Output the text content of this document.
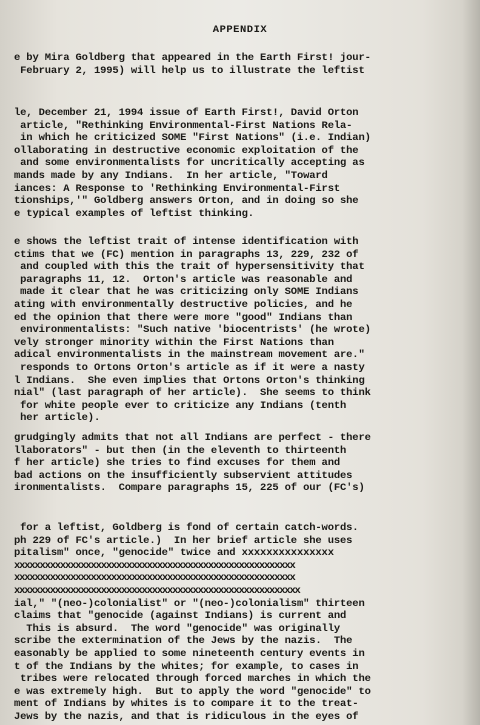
APPENDIX
e by Mira Goldberg that appeared in the Earth First! jour-
February 2, 1995) will help us to illustrate the leftist
le, December 21, 1994 issue of Earth First!, David Orton
article, "Rethinking Environmental-First Nations Rela-
in which he criticized SOME "First Nations" (i.e. Indian)
ollaborating in destructive economic exploitation of the
and some environmentalists for uncritically accepting as
mands made by any Indians.  In her article, "Toward
iances: A Response to 'Rethinking Environmental-First
tionships,'" Goldberg answers Orton, and in doing so she
e typical examples of leftist thinking.
e shows the leftist trait of intense identification with
ctims that we (FC) mention in paragraphs 13, 229, 232 of
and coupled with this the trait of hypersensitivity that
paragraphs 11, 12.  Orton's article was reasonable and
made it clear that he was criticizing only SOME Indians
ating with environmentally destructive policies, and he
ed the opinion that there were more "good" Indians than
environmentalists: "Such native 'biocentrists' (he wrote)
vely stronger minority within the First Nations than
adical environmentalists in the mainstream movement are."
responds to Ortons Orton's article as if it were a nasty
l Indians.  She even implies that Ortons Orton's thinking
nial" (last paragraph of her article).  She seems to think
for white people ever to criticize any Indians (tenth
her article).
grudgingly admits that not all Indians are perfect - there
llaborators" - but then (in the eleventh to thirteenth
f her article) she tries to find excuses for them and
bad actions on the insufficiently subservient attitudes
ironmentalists.  Compare paragraphs 15, 225 of our (FC's)
for a leftist, Goldberg is fond of certain catch-words.
ph 229 of FC's article.)  In her brief article she uses
pitalism" once, "genocide" twice and xxxxxxxxxxxxxxx
xxxxxxxxxxxxxxxxxxxxxxxxxxxxxxxxxxxxxxxxxxxxxxxxxxxxxxx
xxxxxxxxxxxxxxxxxxxxxxxxxxxxxxxxxxxxxxxxxxxxxxxxxxxxxxx
xxxxxxxxxxxxxxxxxxxxxxxxxxxxxxxxxxxxxxxxxxxxxxxxxxxxxxxx
ial," "(neo-)colonialist" or "(neo-)colonialism" thirteen
claims that "genocide (against Indians) is current and
This is absurd.  The word "genocide" was originally
scribe the extermination of the Jews by the nazis.  The
easonably be applied to some nineteenth century events in
t of the Indians by the whites; for example, to cases in
tribes were relocated through forced marches in which the
e was extremely high.  But to apply the word "genocide" to
ment of Indians by whites is to compare it to the treat-
Jews by the nazis, and that is ridiculous in the eyes of
